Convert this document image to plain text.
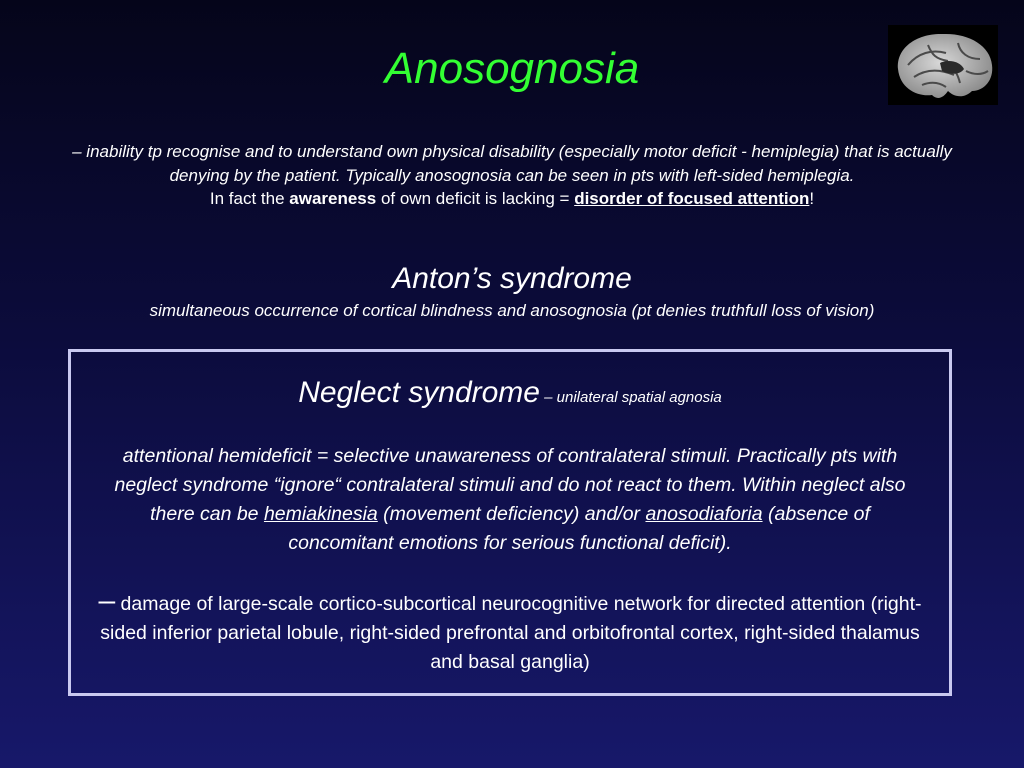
Anosognosia
– inability tp recognise and to understand own physical disability (especially motor deficit - hemiplegia) that is actually denying by the patient. Typically anosognosia can be seen in pts with left-sided hemiplegia.
In fact the awareness of own deficit is lacking = disorder of focused attention!
Anton’s syndrome
simultaneous occurrence of cortical blindness and anosognosia (pt denies truthfull loss of vision)
Neglect syndrome – unilateral spatial agnosia
attentional hemideficit = selective unawareness of contralateral stimuli. Practically pts with neglect syndrome “ignore“ contralateral stimuli and do not react to them. Within neglect also there can be hemiakinesia (movement deficiency) and/or anosodiaforia (absence of concomitant emotions for serious functional deficit).
– damage of large-scale cortico-subcortical neurocognitive network for directed attention (right-sided inferior parietal lobule, right-sided prefrontal and orbitofrontal cortex, right-sided thalamus and basal ganglia)
